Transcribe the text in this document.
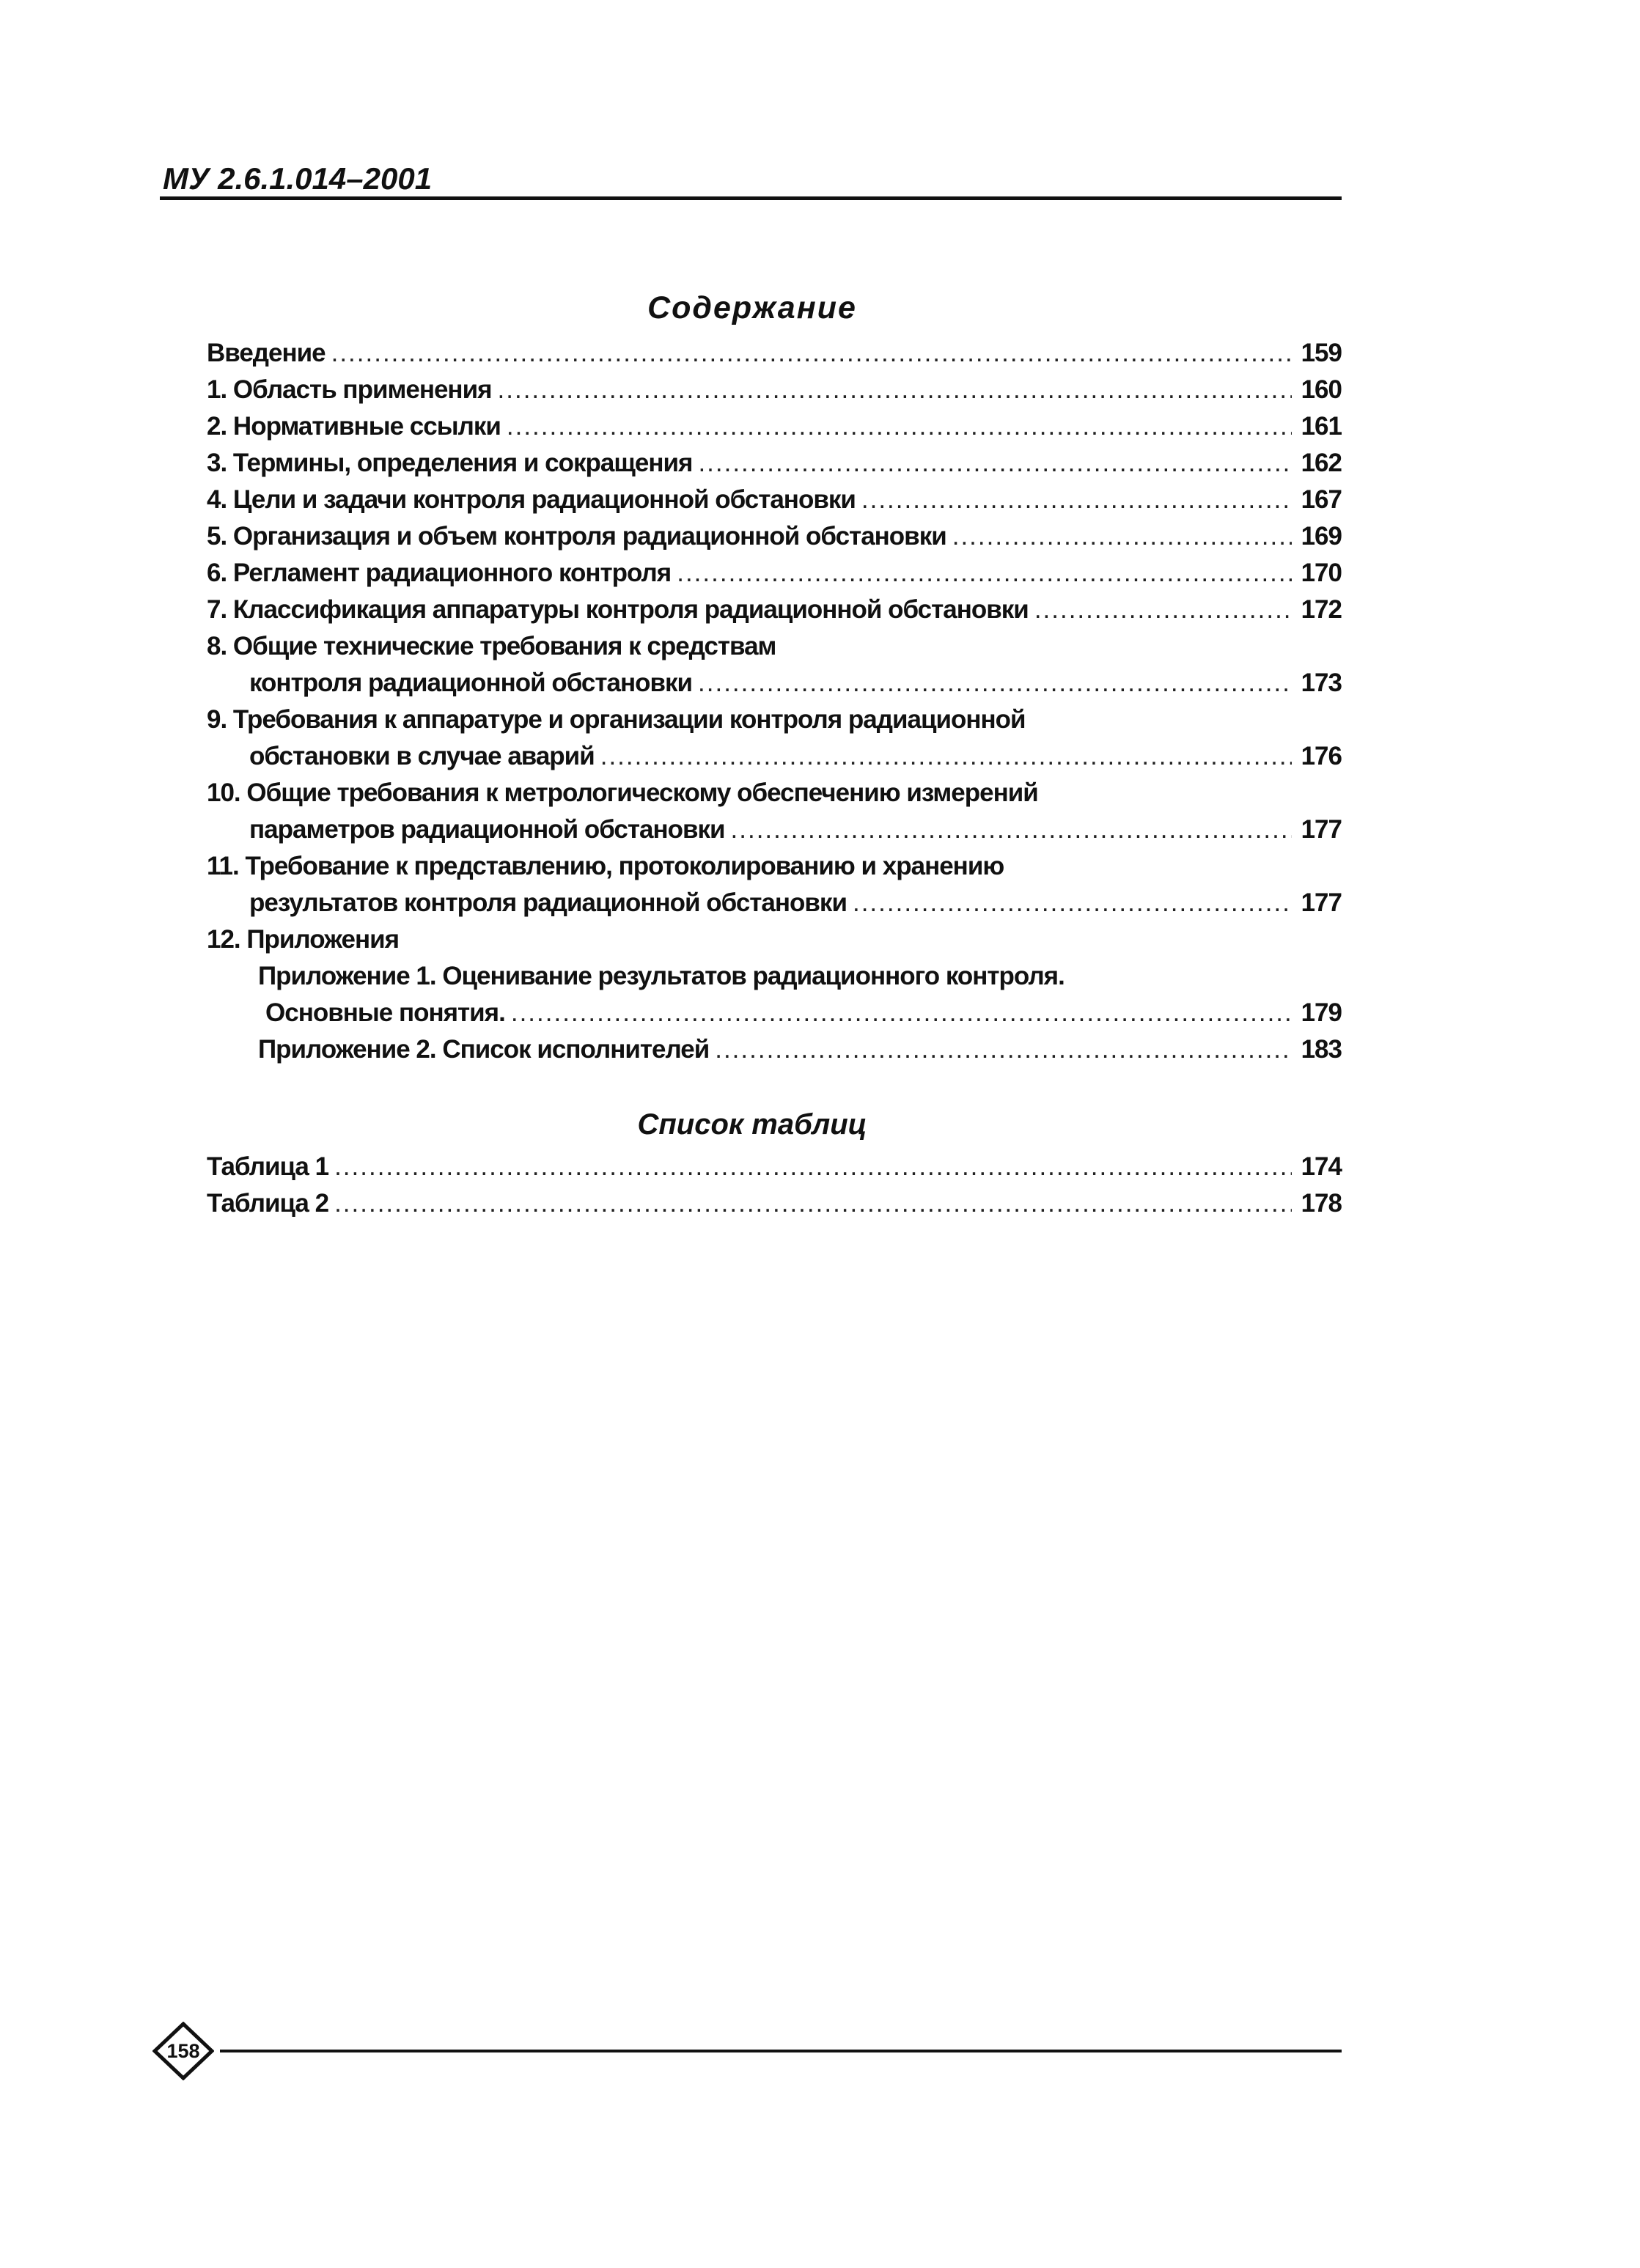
МУ 2.6.1.014–2001
Содержание
Введение .....	159
1. Область применения .....	160
2. Нормативные ссылки .....	161
3. Термины, определения и сокращения .....	162
4. Цели и задачи контроля радиационной обстановки .....	167
5. Организация и объем контроля радиационной обстановки .....	169
6. Регламент радиационного контроля .....	170
7. Классификация аппаратуры контроля радиационной обстановки .....	172
8. Общие технические требования к средствам
контроля радиационной обстановки .....	173
9. Требования к аппаратуре и организации контроля радиационной
обстановки в случае аварий .....	176
10. Общие требования к метрологическому обеспечению измерений
параметров радиационной обстановки .....	177
11. Требование к представлению, протоколированию и хранению
результатов контроля радиационной обстановки .....	177
12. Приложения
Приложение 1. Оценивание результатов радиационного контроля.
Основные понятия. .....	179
Приложение 2. Список исполнителей .....	183
Список таблиц
Таблица 1 .....	174
Таблица 2 .....	178
158
